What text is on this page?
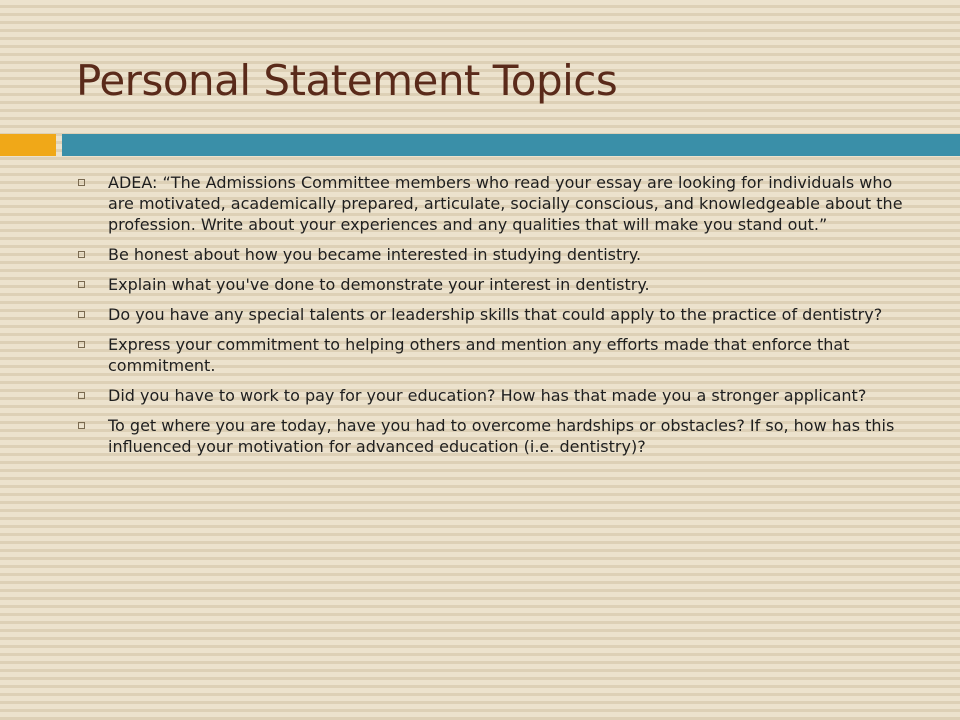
Personal Statement Topics
ADEA: “The Admissions Committee members who read your essay are looking for individuals who are motivated, academically prepared, articulate, socially conscious, and knowledgeable about the profession. Write about your experiences and any qualities that will make you stand out.”
Be honest about how you became interested in studying dentistry.
Explain what you've done to demonstrate your interest in dentistry.
Do you have any special talents or leadership skills that could apply to the practice of dentistry?
Express your commitment to helping others and mention any efforts made that enforce that commitment.
Did you have to work to pay for your education? How has that made you a stronger applicant?
To get where you are today, have you had to overcome hardships or obstacles? If so, how has this influenced your motivation for advanced education (i.e. dentistry)?
